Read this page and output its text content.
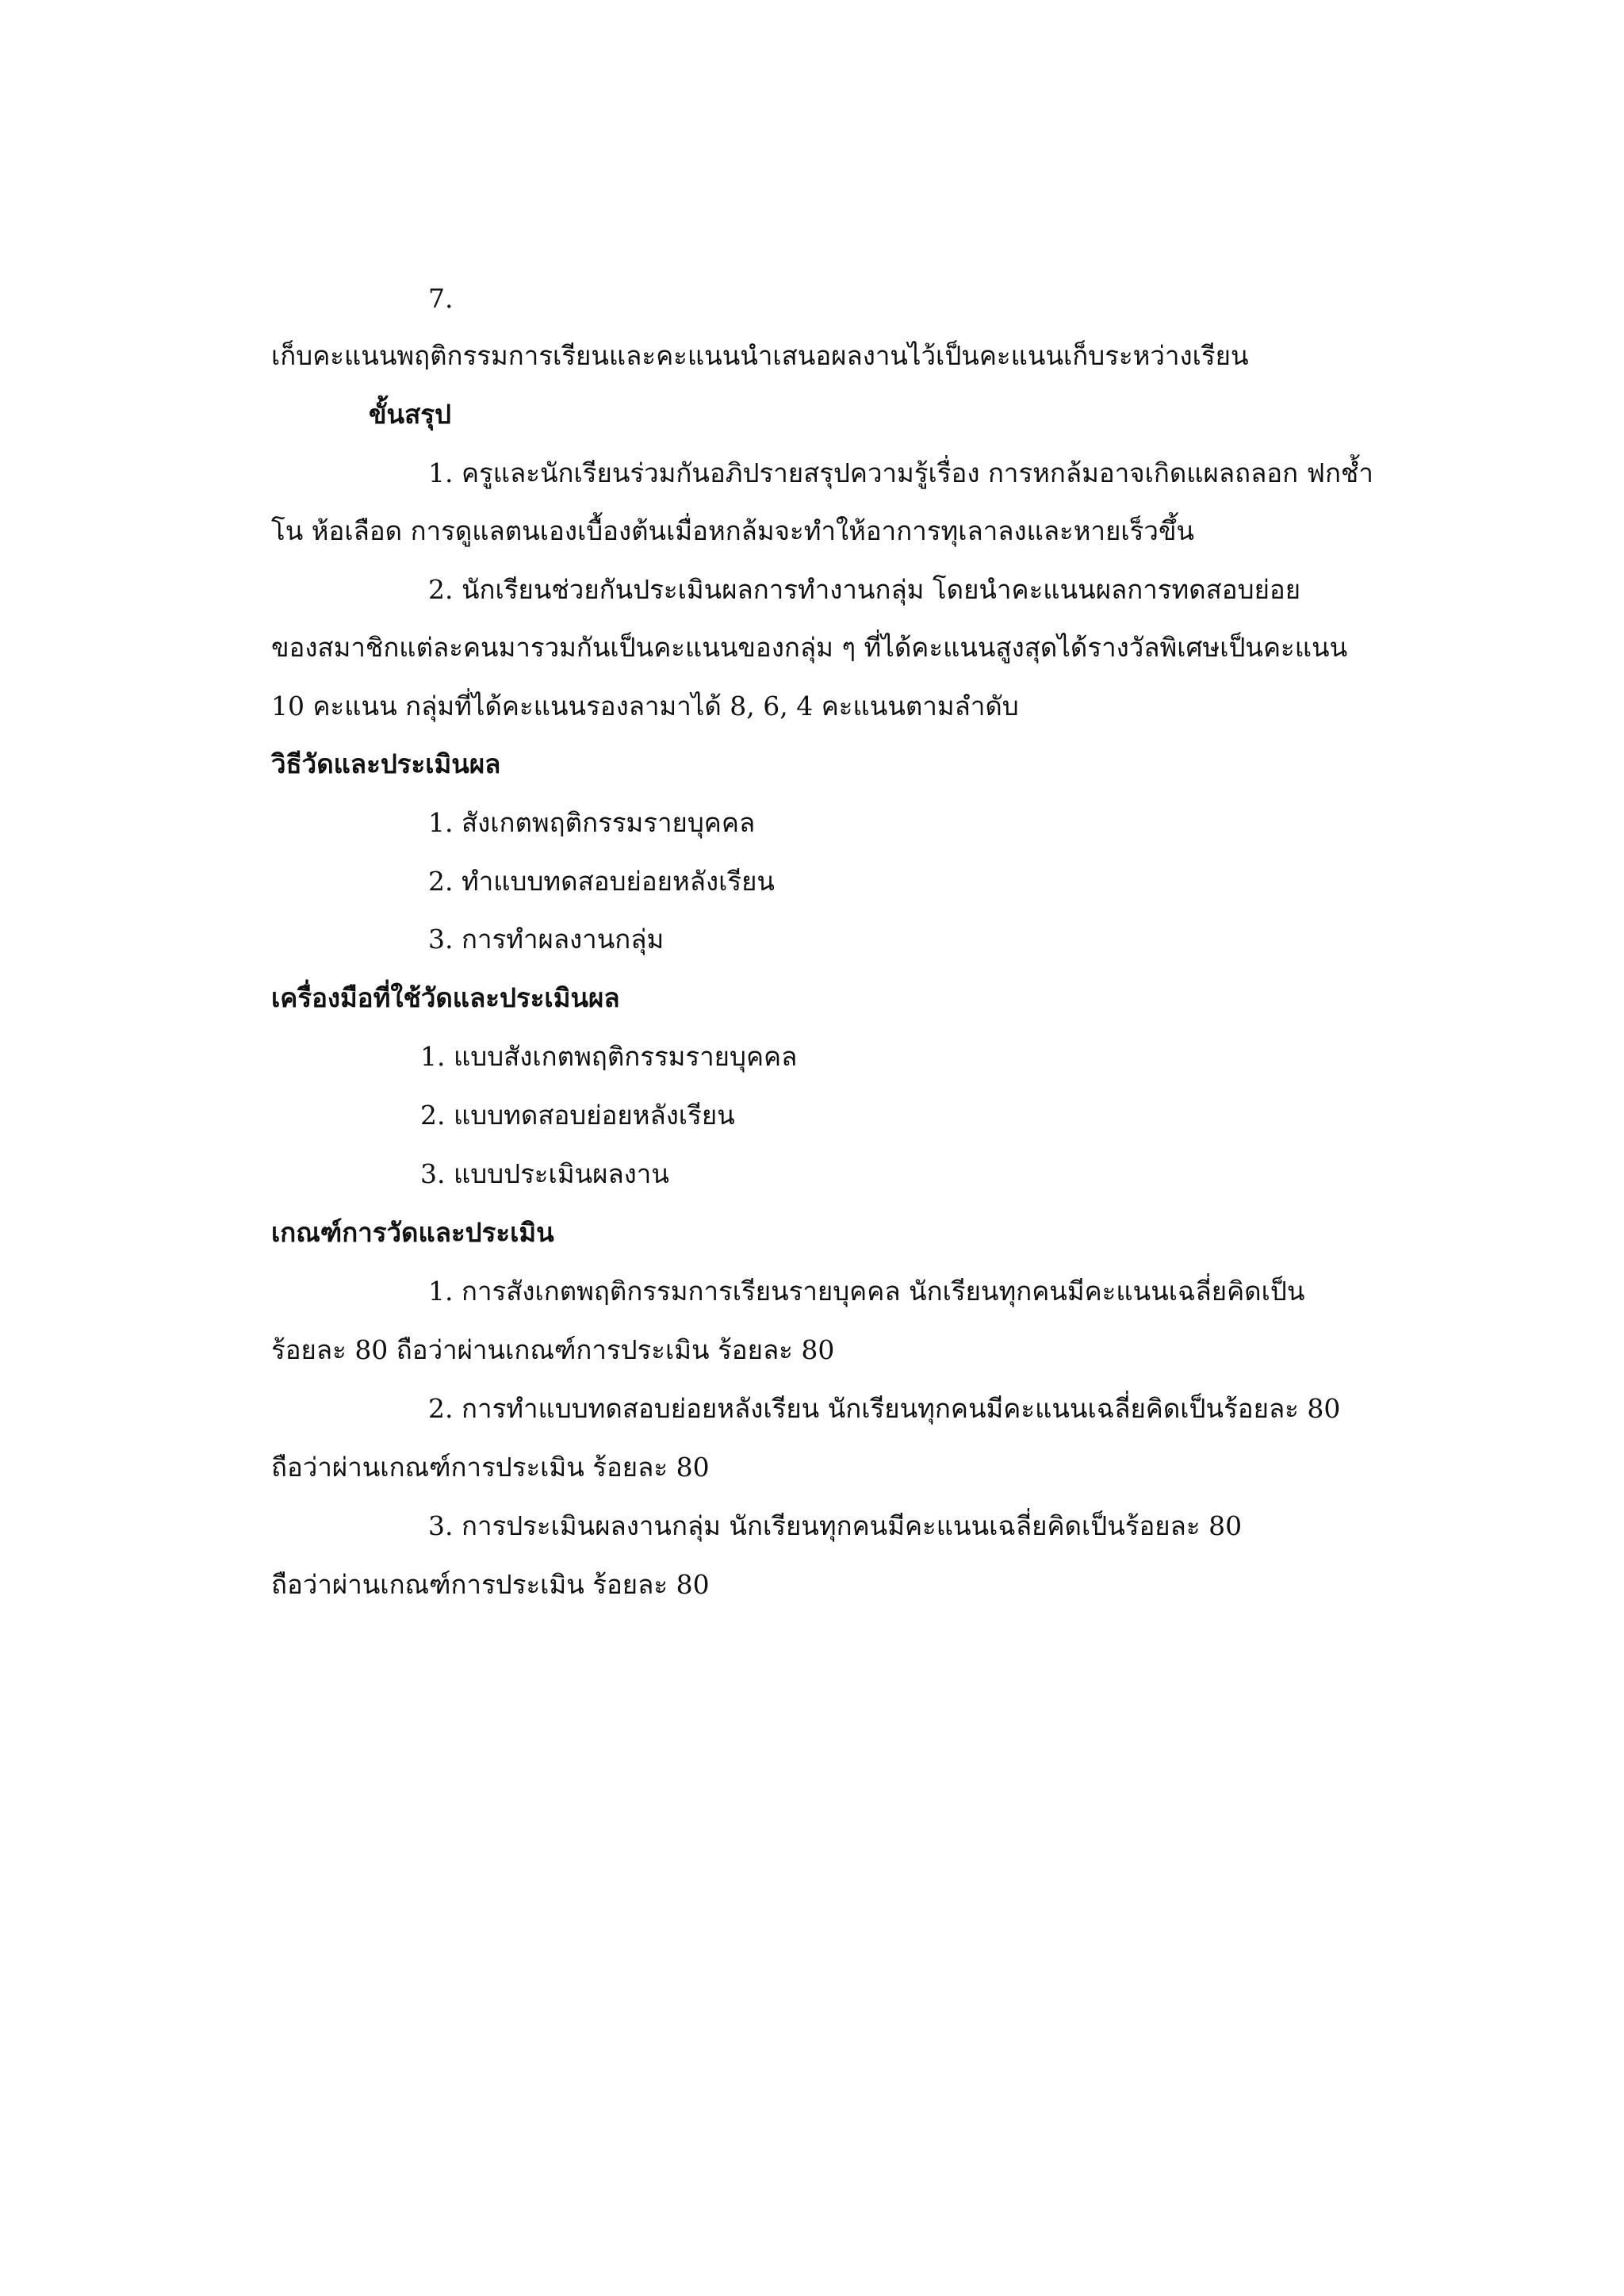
7.

เก็บคะแนนพฤติกรรมการเรียนและคะแนนนำเสนอผลงานไว้เป็นคะแนนเก็บระหว่างเรียน

ขั้นสรุป

1. ครูและนักเรียนร่วมกันอภิปรายสรุปความรู้เรื่อง การหกล้มอาจเกิดแผลถลอก ฟกช้ำ

โน ห้อเลือด การดูแลตนเองเบื้องต้นเมื่อหกล้มจะทำให้อาการทุเลาลงและหายเร็วขึ้น

2. นักเรียนช่วยกันประเมินผลการทำงานกลุ่ม โดยนำคะแนนผลการทดสอบย่อย

ของสมาชิกแต่ละคนมารวมกันเป็นคะแนนของกลุ่ม ๆ ที่ได้คะแนนสูงสุดได้รางวัลพิเศษเป็นคะแนน

10 คะแนน กลุ่มที่ได้คะแนนรองลามาได้ 8, 6, 4 คะแนนตามลำดับ

วิธีวัดและประเมินผล

1. สังเกตพฤติกรรมรายบุคคล

2. ทำแบบทดสอบย่อยหลังเรียน

3. การทำผลงานกลุ่ม

เครื่องมือที่ใช้วัดและประเมินผล

1. แบบสังเกตพฤติกรรมรายบุคคล

2. แบบทดสอบย่อยหลังเรียน

3. แบบประเมินผลงาน

เกณฑ์การวัดและประเมิน

1. การสังเกตพฤติกรรมการเรียนรายบุคคล นักเรียนทุกคนมีคะแนนเฉลี่ยคิดเป็น

ร้อยละ 80 ถือว่าผ่านเกณฑ์การประเมิน ร้อยละ 80

2. การทำแบบทดสอบย่อยหลังเรียน นักเรียนทุกคนมีคะแนนเฉลี่ยคิดเป็นร้อยละ 80

ถือว่าผ่านเกณฑ์การประเมิน ร้อยละ 80

3. การประเมินผลงานกลุ่ม นักเรียนทุกคนมีคะแนนเฉลี่ยคิดเป็นร้อยละ 80

ถือว่าผ่านเกณฑ์การประเมิน ร้อยละ 80
